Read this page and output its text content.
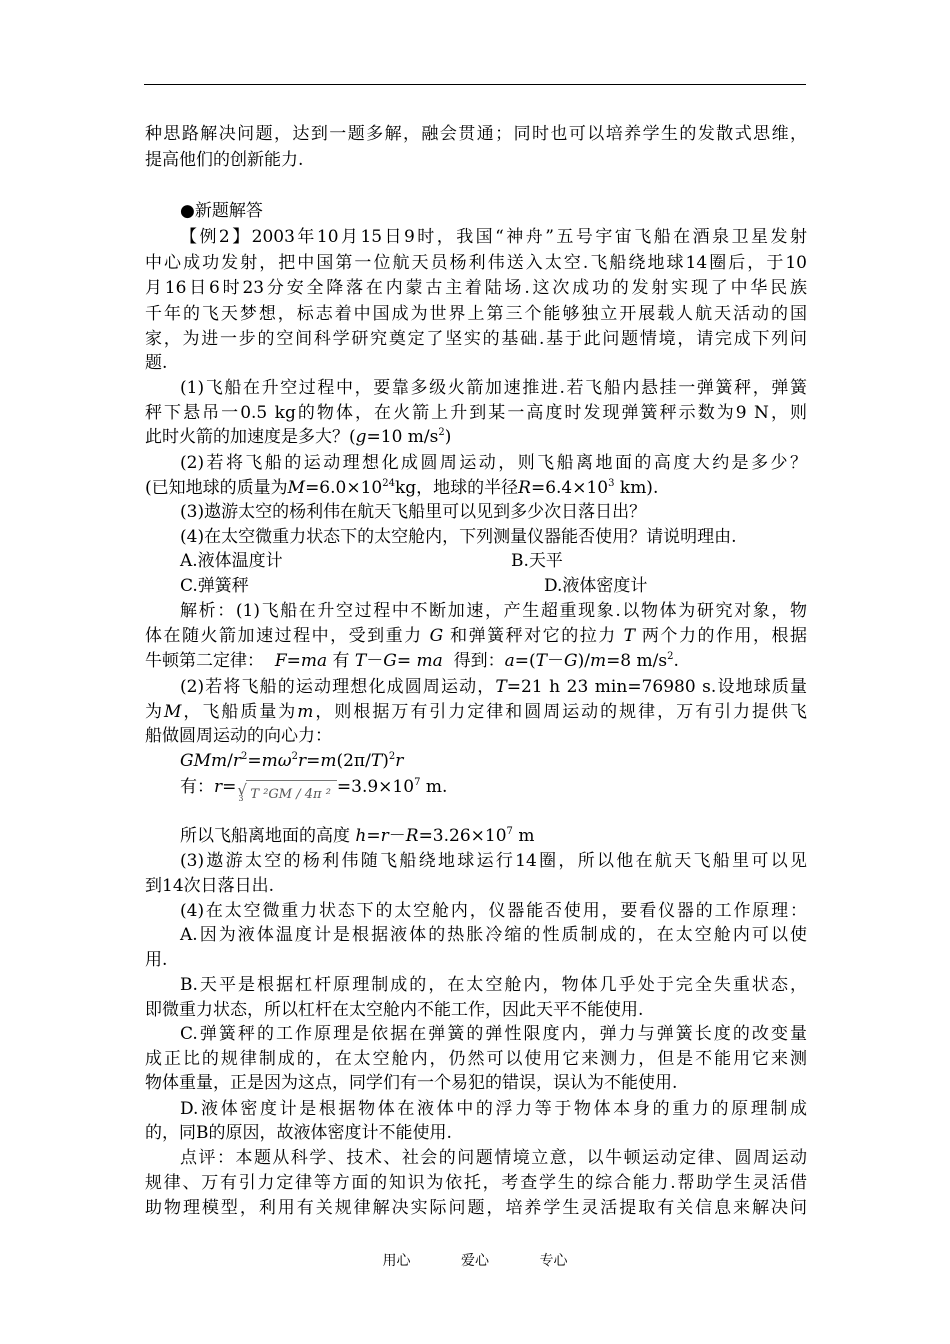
种思路解决问题，达到一题多解，融会贯通；同时也可以培养学生的发散式思维，
提高他们的创新能力.
●新题解答
【例2】2003年10月15日9时，我国“神舟”五号宇宙飞船在酒泉卫星发射
中心成功发射，把中国第一位航天员杨利伟送入太空.飞船绕地球14圈后，于10
月16日6时23分安全降落在内蒙古主着陆场.这次成功的发射实现了中华民族
千年的飞天梦想，标志着中国成为世界上第三个能够独立开展载人航天活动的国
家，为进一步的空间科学研究奠定了坚实的基础.基于此问题情境，请完成下列问
题.
(1)飞船在升空过程中，要靠多级火箭加速推进.若飞船内悬挂一弹簧秤，弹簧
秤下悬吊一0.5 kg的物体，在火箭上升到某一高度时发现弹簧秤示数为9 N，则
此时火箭的加速度是多大？(g=10 $m/s^2$)
(2)若将飞船的运动理想化成圆周运动，则飞船离地面的高度大约是多少？
(已知地球的质量为$M=6.0\times 10^{24}kg$，地球的半径$R=6.4\times 10^3$ km).
(3)遨游太空的杨利伟在航天飞船里可以见到多少次日落日出？
(4)在太空微重力状态下的太空舱内，下列测量仪器能否使用？请说明理由.
A.液体温度计	B.天平
C.弹簧秤	D.液体密度计
解析：(1)飞船在升空过程中不断加速，产生超重现象.以物体为研究对象，物
体在随火箭加速过程中，受到重力 G 和弹簧秤对它的拉力 T 两个力的作用，根据
牛顿第二定律： F=ma 有 T－G= ma 得到：a=(T－G)/m=8 $m/s^2$.
(2)若将飞船的运动理想化成圆周运动，T=21 h 23 min=76980 s.设地球质量
为M，飞船质量为m，则根据万有引力定律和圆周运动的规律，万有引力提供飞
船做圆周运动的向心力：
GMm/$r^2=m\omega^2r=m(2\pi/T)^2r$
有：r=
3
√ T ²GM / 4π $^2 =3.9\times 10^7$ m.
所以飞船离地面的高度 $h=r-R=3.26\times 10^7$ m
(3)遨游太空的杨利伟随飞船绕地球运行14圈，所以他在航天飞船里可以见
到14次日落日出.
(4)在太空微重力状态下的太空舱内，仪器能否使用，要看仪器的工作原理：
A.因为液体温度计是根据液体的热胀冷缩的性质制成的，在太空舱内可以使
用.
B.天平是根据杠杆原理制成的，在太空舱内，物体几乎处于完全失重状态，
即微重力状态，所以杠杆在太空舱内不能工作，因此天平不能使用.
C.弹簧秤的工作原理是依据在弹簧的弹性限度内，弹力与弹簧长度的改变量
成正比的规律制成的，在太空舱内，仍然可以使用它来测力，但是不能用它来测
物体重量，正是因为这点，同学们有一个易犯的错误，误认为不能使用.
D.液体密度计是根据物体在液体中的浮力等于物体本身的重力的原理制成
的，同B的原因，故液体密度计不能使用.
点评：本题从科学、技术、社会的问题情境立意，以牛顿运动定律、圆周运动
规律、万有引力定律等方面的知识为依托，考查学生的综合能力.帮助学生灵活借
助物理模型，利用有关规律解决实际问题，培养学生灵活提取有关信息来解决问
用心	爱心	专心
